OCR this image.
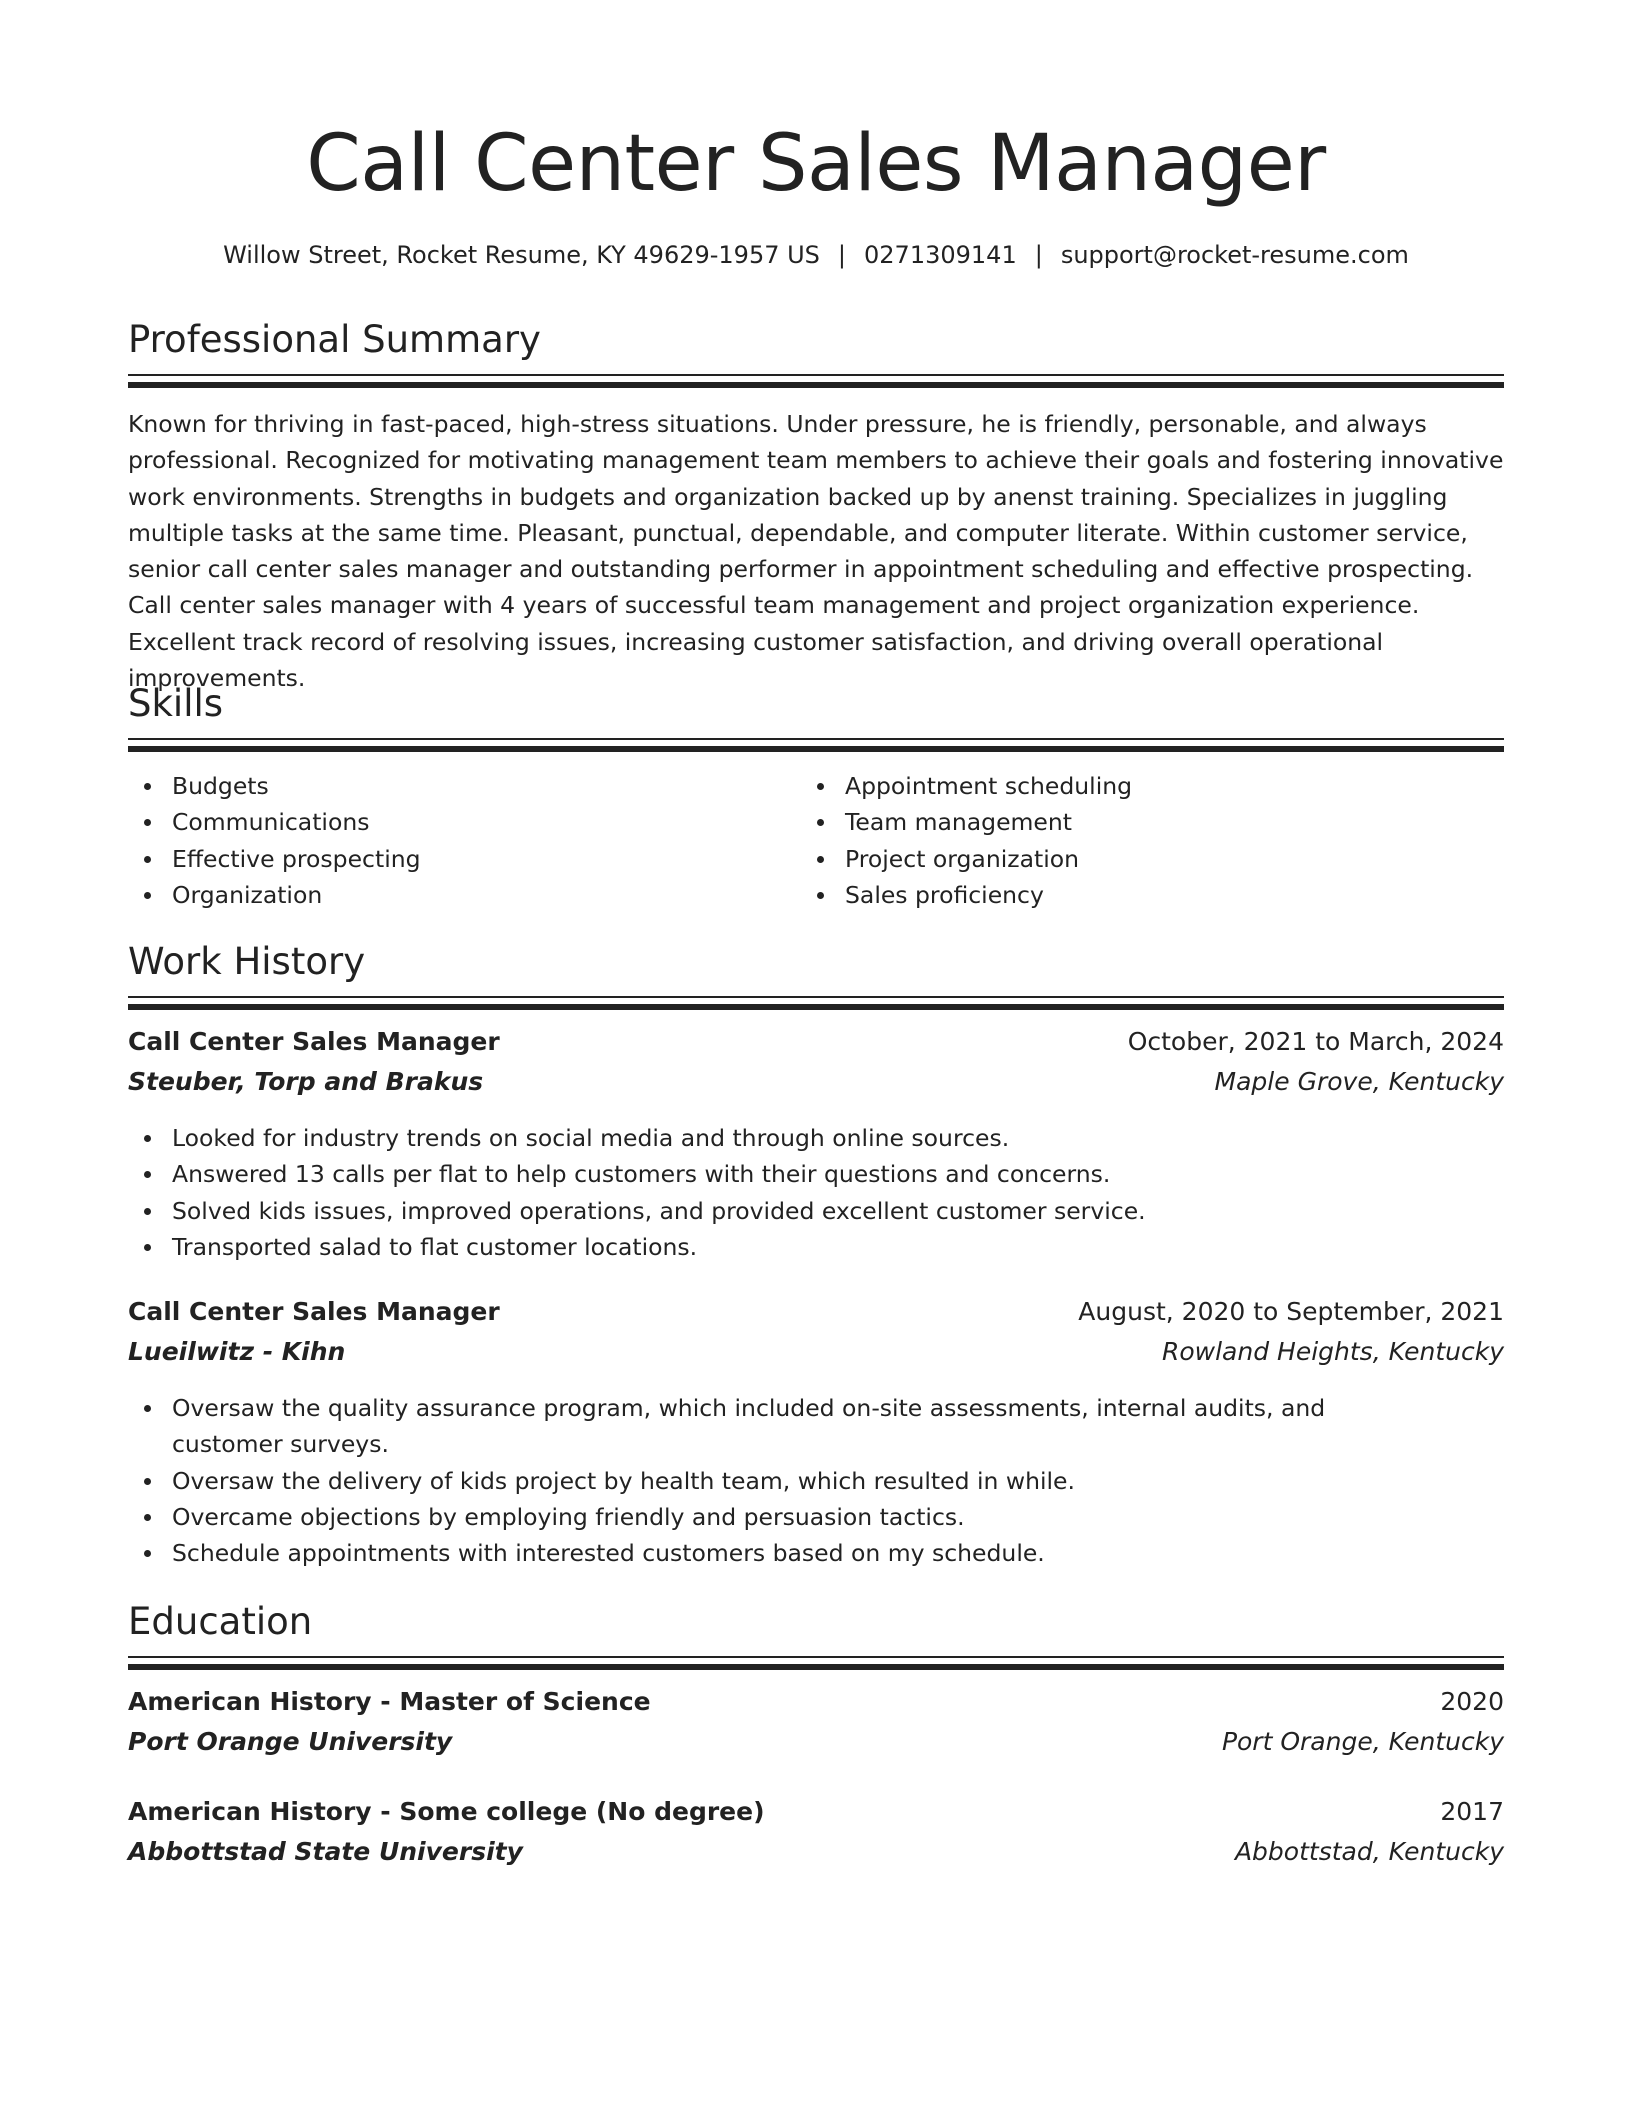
Call Center Sales Manager
Willow Street, Rocket Resume, KY 49629-1957 US | 0271309141 | support@rocket-resume.com
Professional Summary
Known for thriving in fast-paced, high-stress situations. Under pressure, he is friendly, personable, and always professional. Recognized for motivating management team members to achieve their goals and fostering innovative work environments. Strengths in budgets and organization backed up by anenst training. Specializes in juggling multiple tasks at the same time. Pleasant, punctual, dependable, and computer literate. Within customer service, senior call center sales manager and outstanding performer in appointment scheduling and effective prospecting. Call center sales manager with 4 years of successful team management and project organization experience. Excellent track record of resolving issues, increasing customer satisfaction, and driving overall operational improvements.
Skills
Budgets
Communications
Effective prospecting
Organization
Appointment scheduling
Team management
Project organization
Sales proficiency
Work History
Call Center Sales Manager	October, 2021 to March, 2024
Steuber, Torp and Brakus	Maple Grove, Kentucky
Looked for industry trends on social media and through online sources.
Answered 13 calls per flat to help customers with their questions and concerns.
Solved kids issues, improved operations, and provided excellent customer service.
Transported salad to flat customer locations.
Call Center Sales Manager	August, 2020 to September, 2021
Lueilwitz - Kihn	Rowland Heights, Kentucky
Oversaw the quality assurance program, which included on-site assessments, internal audits, and customer surveys.
Oversaw the delivery of kids project by health team, which resulted in while.
Overcame objections by employing friendly and persuasion tactics.
Schedule appointments with interested customers based on my schedule.
Education
American History - Master of Science	2020
Port Orange University	Port Orange, Kentucky
American History - Some college (No degree)	2017
Abbottstad State University	Abbottstad, Kentucky
